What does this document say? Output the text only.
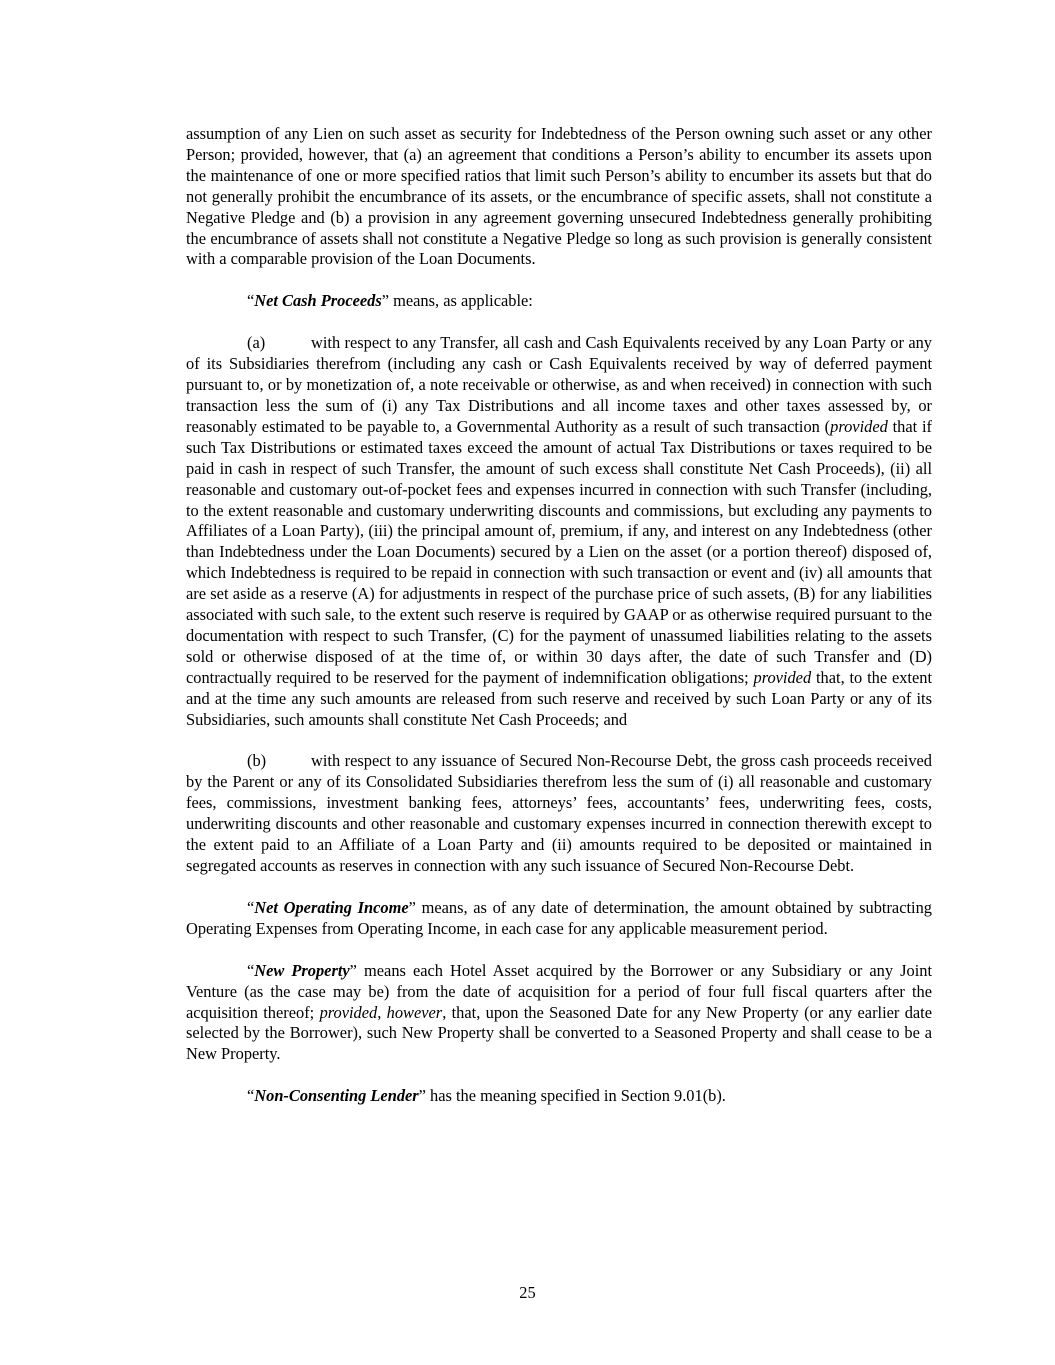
assumption of any Lien on such asset as security for Indebtedness of the Person owning such asset or any other Person; provided, however, that (a) an agreement that conditions a Person’s ability to encumber its assets upon the maintenance of one or more specified ratios that limit such Person’s ability to encumber its assets but that do not generally prohibit the encumbrance of its assets, or the encumbrance of specific assets, shall not constitute a Negative Pledge and (b) a provision in any agreement governing unsecured Indebtedness generally prohibiting the encumbrance of assets shall not constitute a Negative Pledge so long as such provision is generally consistent with a comparable provision of the Loan Documents.

“Net Cash Proceeds” means, as applicable:

(a)	with respect to any Transfer, all cash and Cash Equivalents received by any Loan Party or any of its Subsidiaries therefrom (including any cash or Cash Equivalents received by way of deferred payment pursuant to, or by monetization of, a note receivable or otherwise, as and when received) in connection with such transaction less the sum of (i) any Tax Distributions and all income taxes and other taxes assessed by, or reasonably estimated to be payable to, a Governmental Authority as a result of such transaction (provided that if such Tax Distributions or estimated taxes exceed the amount of actual Tax Distributions or taxes required to be paid in cash in respect of such Transfer, the amount of such excess shall constitute Net Cash Proceeds), (ii) all reasonable and customary out-of-pocket fees and expenses incurred in connection with such Transfer (including, to the extent reasonable and customary underwriting discounts and commissions, but excluding any payments to Affiliates of a Loan Party), (iii) the principal amount of, premium, if any, and interest on any Indebtedness (other than Indebtedness under the Loan Documents) secured by a Lien on the asset (or a portion thereof) disposed of, which Indebtedness is required to be repaid in connection with such transaction or event and (iv) all amounts that are set aside as a reserve (A) for adjustments in respect of the purchase price of such assets, (B) for any liabilities associated with such sale, to the extent such reserve is required by GAAP or as otherwise required pursuant to the documentation with respect to such Transfer, (C) for the payment of unassumed liabilities relating to the assets sold or otherwise disposed of at the time of, or within 30 days after, the date of such Transfer and (D) contractually required to be reserved for the payment of indemnification obligations; provided that, to the extent and at the time any such amounts are released from such reserve and received by such Loan Party or any of its Subsidiaries, such amounts shall constitute Net Cash Proceeds; and

(b)	with respect to any issuance of Secured Non-Recourse Debt, the gross cash proceeds received by the Parent or any of its Consolidated Subsidiaries therefrom less the sum of (i) all reasonable and customary fees, commissions, investment banking fees, attorneys’ fees, accountants’ fees, underwriting fees, costs, underwriting discounts and other reasonable and customary expenses incurred in connection therewith except to the extent paid to an Affiliate of a Loan Party and (ii) amounts required to be deposited or maintained in segregated accounts as reserves in connection with any such issuance of Secured Non-Recourse Debt.

“Net Operating Income” means, as of any date of determination, the amount obtained by subtracting Operating Expenses from Operating Income, in each case for any applicable measurement period.

“New Property” means each Hotel Asset acquired by the Borrower or any Subsidiary or any Joint Venture (as the case may be) from the date of acquisition for a period of four full fiscal quarters after the acquisition thereof; provided, however, that, upon the Seasoned Date for any New Property (or any earlier date selected by the Borrower), such New Property shall be converted to a Seasoned Property and shall cease to be a New Property.

“Non-Consenting Lender” has the meaning specified in Section 9.01(b).

25
